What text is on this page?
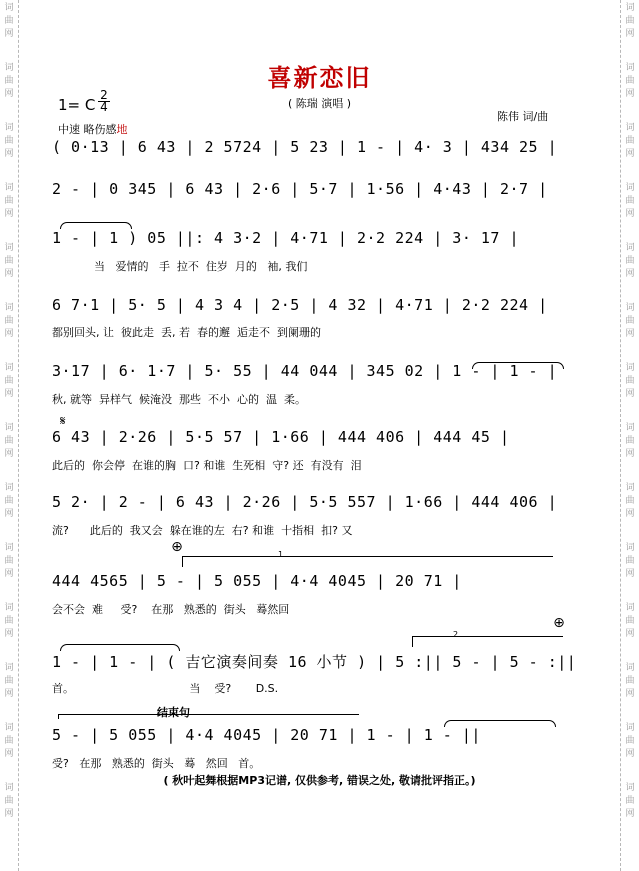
词
曲
网
词
曲
网
词
曲
网
词
曲
网
词
曲
网
词
曲
网
词
曲
网
词
曲
网
词
曲
网
词
曲
网
词
曲
网
词
曲
网
词
曲
网
词
曲
网
词
曲
网
词
曲
网
词
曲
网
词
曲
网
词
曲
网
词
曲
网
词
曲
网
词
曲
网
词
曲
网
词
曲
网
词
曲
网
词
曲
网
词
曲
网
词
曲
网
喜新恋旧
( 陈瑞 演唱 )
1= C $\frac{2}{4}$
中速 略伤感地
陈伟 词/曲
𝄋
( 0·13 | 6 43 | 2 5724 | 5 23 | 1 - | 4· 3 | 434 25 |
2 - | 0 345 | 6 43 | 2·6 | 5·7 | 1·56 | 4·43 | 2·7 |
1 - | 1 ) 05 ||: 4 3·2 | 4·71 | 2·2 224 | 3· 17 |
当   爱情的   手  拉不  住岁  月的   袖, 我们
6 7·1 | 5· 5 | 4 3 4 | 2·5 | 4 32 | 4·71 | 2·2 224 |
都别回头, 让  彼此走  丢, 若  春的邂  逅走不  到阑珊的
3·17 | 6· 1·7 | 5· 55 | 44 044 | 345 02 | 1 - | 1 - |
秋, 就等  异样气  候淹没  那些  不小  心的  温  柔。
6 43 | 2·26 | 5·5 57 | 1·66 | 444 406 | 444 45 |
此后的  你会停  在谁的胸  口? 和谁  生死相  守? 还  有没有  泪
5 2· | 2 - | 6 43 | 2·26 | 5·5 557 | 1·66 | 444 406 |
流?      此后的  我又会  躲在谁的左  右? 和谁  十指相  扣? 又
⊕	1
444 4565 | 5 - | 5 055 | 4·4 4045 | 20 71 |
会不会  难     受?    在那   熟悉的  街头   蓦然回
⊕
2
1 - | 1 - | ( 吉它演奏间奏 16 小节 ) | 5 :|| 5 - | 5 - :||
首。                                 当    受?       D.S.
结束句
5 - | 5 055 | 4·4 4045 | 20 71 | 1 - | 1 - ||
受?   在那   熟悉的  街头   蓦   然回   首。
( 秋叶起舞根据MP3记谱, 仅供参考, 错误之处, 敬请批评指正。)
